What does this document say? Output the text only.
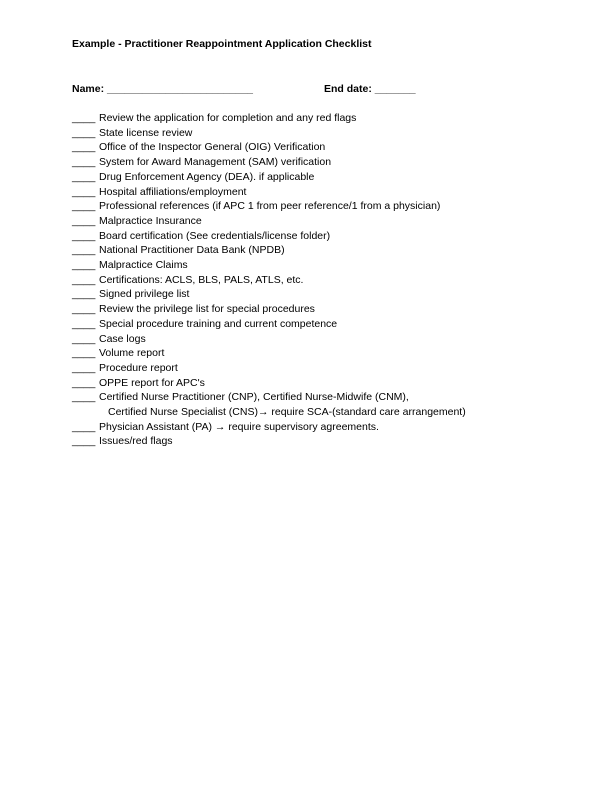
Example - Practitioner Reappointment Application Checklist
Name: _________________________	End date: _______
____ Review the application for completion and any red flags
____ State license review
____ Office of the Inspector General (OIG) Verification
____ System for Award Management (SAM) verification
____ Drug Enforcement Agency (DEA). if applicable
____ Hospital affiliations/employment
____ Professional references (if APC 1 from peer reference/1 from a physician)
____ Malpractice Insurance
____ Board certification (See credentials/license folder)
____ National Practitioner Data Bank (NPDB)
____ Malpractice Claims
____ Certifications: ACLS, BLS, PALS, ATLS, etc.
____ Signed privilege list
____ Review the privilege list for special procedures
____ Special procedure training and current competence
____ Case logs
____ Volume report
____ Procedure report
____ OPPE report for APC's
____ Certified Nurse Practitioner (CNP), Certified Nurse-Midwife (CNM),
Certified Nurse Specialist (CNS)→ require SCA-(standard care arrangement)
____ Physician Assistant (PA) → require supervisory agreements.
____ Issues/red flags
